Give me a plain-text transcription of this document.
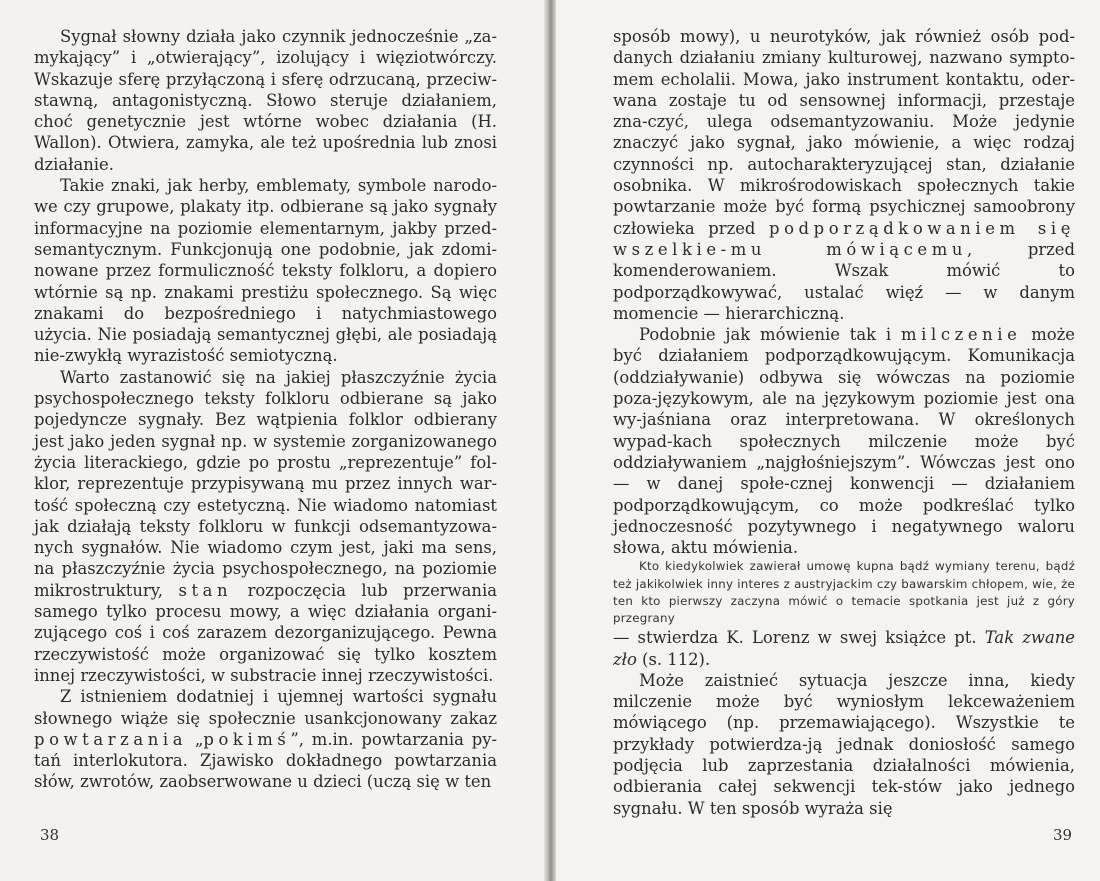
Sygnał słowny działa jako czynnik jednocześnie „za-mykający” i „otwierający”, izolujący i więziotwórczy. Wskazuje sferę przyłączoną i sferę odrzucaną, przeciw-stawną, antagonistyczną. Słowo steruje działaniem, choć genetycznie jest wtórne wobec działania (H. Wallon). Otwiera, zamyka, ale też upośrednia lub znosi działanie.

Takie znaki, jak herby, emblematy, symbole narodo-we czy grupowe, plakaty itp. odbierane są jako sygnały informacyjne na poziomie elementarnym, jakby przed-semantycznym. Funkcjonują one podobnie, jak zdomi-nowane przez formuliczność teksty folkloru, a dopiero wtórnie są np. znakami prestiżu społecznego. Są więc znakami do bezpośredniego i natychmiastowego użycia. Nie posiadają semantycznej głębi, ale posiadają nie-zwykłą wyrazistość semiotyczną.

Warto zastanowić się na jakiej płaszczyźnie życia psychospołecznego teksty folkloru odbierane są jako pojedyncze sygnały. Bez wątpienia folklor odbierany jest jako jeden sygnał np. w systemie zorganizowanego życia literackiego, gdzie po prostu „reprezentuje” fol-klor, reprezentuje przypisywaną mu przez innych war-tość społeczną czy estetyczną. Nie wiadomo natomiast jak działają teksty folkloru w funkcji odsemantyzowa-nych sygnałów. Nie wiadomo czym jest, jaki ma sens, na płaszczyźnie życia psychospołecznego, na poziomie mikrostruktury, stan rozpoczęcia lub przerwania samego tylko procesu mowy, a więc działania organi-zującego coś i coś zarazem dezorganizującego. Pewna rzeczywistość może organizować się tylko kosztem innej rzeczywistości, w substracie innej rzeczywistości.

Z istnieniem dodatniej i ujemnej wartości sygnału słownego wiąże się społecznie usankcjonowany zakaz powtarzania „pokimś”, m.in. powtarzania py-tań interlokutora. Zjawisko dokładnego powtarzania słów, zwrotów, zaobserwowane u dzieci (uczą się w ten

38

sposób mowy), u neurotyków, jak również osób pod-danych działaniu zmiany kulturowej, nazwano sympto-mem echolalii. Mowa, jako instrument kontaktu, oder-wana zostaje tu od sensownej informacji, przestaje zna-czyć, ulega odsemantyzowaniu. Może jedynie znaczyć jako sygnał, jako mówienie, a więc rodzaj czynności np. autocharakteryzującej stan, działanie osobnika. W mikrośrodowiskach społecznych takie powtarzanie może być formą psychicznej samoobrony człowieka przed podporządkowaniem się wszelkie-mu mówiącemu, przed komenderowaniem. Wszak mówić to podporządkowywać, ustalać więź — w danym momencie — hierarchiczną.

Podobnie jak mówienie tak i milczenie może być działaniem podporządkowującym. Komunikacja (oddziaływanie) odbywa się wówczas na poziomie poza-językowym, ale na językowym poziomie jest ona wy-jaśniana oraz interpretowana. W określonych wypad-kach społecznych milczenie może być oddziaływaniem „najgłośniejszym”. Wówczas jest ono — w danej społe-cznej konwencji — działaniem podporządkowującym, co może podkreślać tylko jednoczesność pozytywnego i negatywnego waloru słowa, aktu mówienia.

Kto kiedykolwiek zawierał umowę kupna bądź wymiany terenu, bądź też jakikolwiek inny interes z austryjackim czy bawarskim chłopem, wie, że ten kto pierwszy zaczyna mówić o temacie spotkania jest już z góry przegrany

— stwierdza K. Lorenz w swej książce pt. Tak zwane zło (s. 112).

Może zaistnieć sytuacja jeszcze inna, kiedy milczenie może być wyniosłym lekceważeniem mówiącego (np. przemawiającego). Wszystkie te przykłady potwierdza-ją jednak doniosłość samego podjęcia lub zaprzestania działalności mówienia, odbierania całej sekwencji tek-stów jako jednego sygnału. W ten sposób wyraża się

39
